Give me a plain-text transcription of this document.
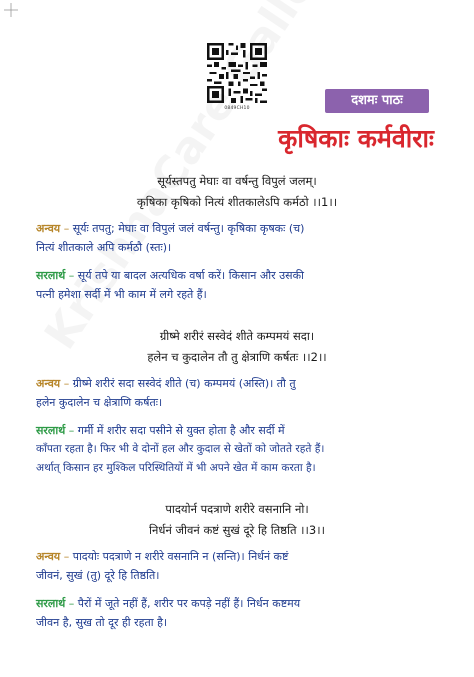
0849CH10
दशमः पाठः
कृषिकाः कर्मवीराः
सूर्यस्तपतु मेघाः वा वर्षन्तु विपुलं जलम्।
कृषिका कृषिको नित्यं शीतकालेऽपि कर्मठो ।।1।।
अन्वय – सूर्यः तपतु; मेघाः वा विपुलं जलं वर्षन्तु। कृषिका कृषकः (च)
नित्यं शीतकाले अपि कर्मठौ (स्तः)।
सरलार्थ – सूर्य तपे या बादल अत्यधिक वर्षा करें। किसान और उसकी
पत्नी हमेशा सर्दी में भी काम में लगे रहते हैं।
ग्रीष्मे शरीरं सस्वेदं शीते कम्पमयं सदा।
हलेन च कुदालेन तौ तु क्षेत्राणि कर्षतः ।।2।।
अन्वय – ग्रीष्मे शरीरं सदा सस्वेदं शीते (च) कम्पमयं (अस्ति)। तौ तु
हलेन कुदालेन च क्षेत्राणि कर्षतः।
सरलार्थ – गर्मी में शरीर सदा पसीने से युक्त होता है और सर्दी में
काँपता रहता है। फिर भी वे दोनों हल और कुदाल से खेतों को जोतते रहते हैं।
अर्थात् किसान हर मुश्किल परिस्थितियों में भी अपने खेत में काम करता है।
पादयोर्न पदत्राणे शरीरे वसनानि नो।
निर्धनं जीवनं कष्टं सुखं दूरे हि तिष्ठति ।।3।।
अन्वय – पादयोः पदत्राणे न शरीरे वसनानि न (सन्ति)। निर्धनं कष्टं
जीवनं, सुखं (तु) दूरे हि तिष्ठति।
सरलार्थ – पैरों में जूते नहीं हैं, शरीर पर कपड़े नहीं हैं। निर्धन कष्टमय
जीवन है, सुख तो दूर ही रहता है।
